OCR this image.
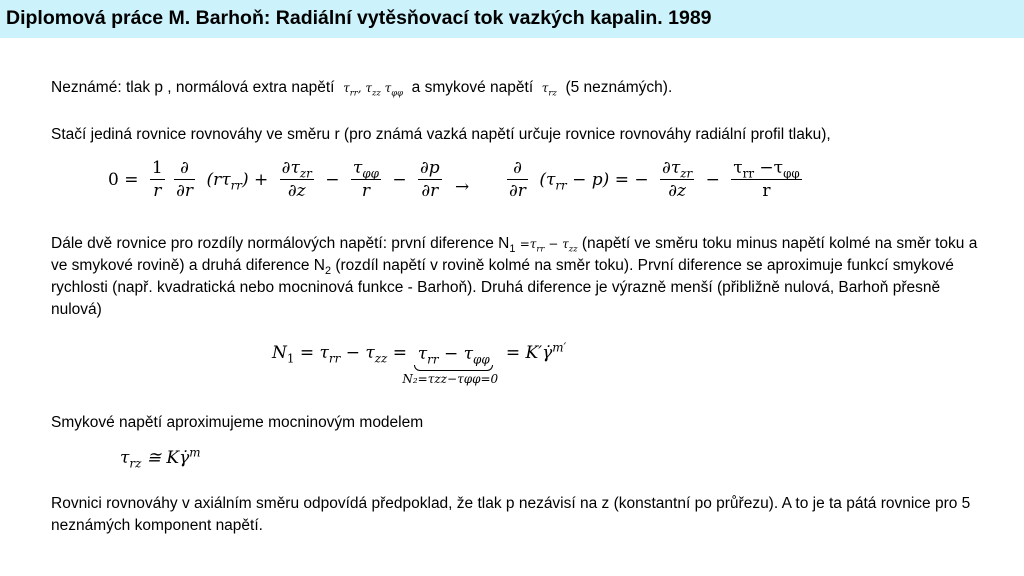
Diplomová práce M. Barhoň: Radiální vytěsňovací tok vazkých kapalin. 1989
Neznámé: tlak p , normálová extra napětí $\tau_{rr}$, $\tau_{zz}$ $\tau_{\varphi\varphi}$ a smykové napětí $\tau_{rz}$ (5 neznámých).
Stačí jediná rovnice rovnováhy ve směru r (pro známá vazká napětí určuje rovnice rovnováhy radiální profil tlaku),
$0 = \frac{1}{r}$
$\frac{\partial}{\partial r} (r\tau_{rr}) + \frac{\partial\tau_{zr}}{\partial z} - \frac{\tau_{\varphi\varphi}}{r} - \frac{\partial p}{\partial r} \to \frac{\partial}{\partial r} (\tau_{rr} - p)$ = − $\frac{\partial\tau_{zr}}{\partial z} - \frac{\tau_{rr} -\tau_{\varphi\varphi}}{r}$
Dále dvě rovnice pro rozdíly normálových napětí: první diference $N_1 =\tau_{rr} - \tau_{zz}$ (napětí ve směru toku minus napětí kolmé na směr toku a ve smykové rovině) a druhá diference $N_2$ (rozdíl napětí v rovině kolmé na směr toku). První diference se aproximuje funkcí smykové rychlosti (např. kvadratická nebo mocninová funkce - Barhoň). Druhá diference je výrazně menší (přibližně nulová, Barhoň přesně nulová)
$N_1 = \tau_{rr} - \tau_{zz} = \tau_{rr} - \tau_{\varphi\varphi}$
N₂=τzz−τφφ=0
= K′γ̇$^{m'}$
Smykové napětí aproximujeme mocninovým modelem
$\tau_{rz}$ ≅ Kγ̇$^m$
Rovnici rovnováhy v axiálním směru odpovídá předpoklad, že tlak p nezávisí na z (konstantní po průřezu). A to je ta pátá rovnice pro 5 neznámých komponent napětí.
